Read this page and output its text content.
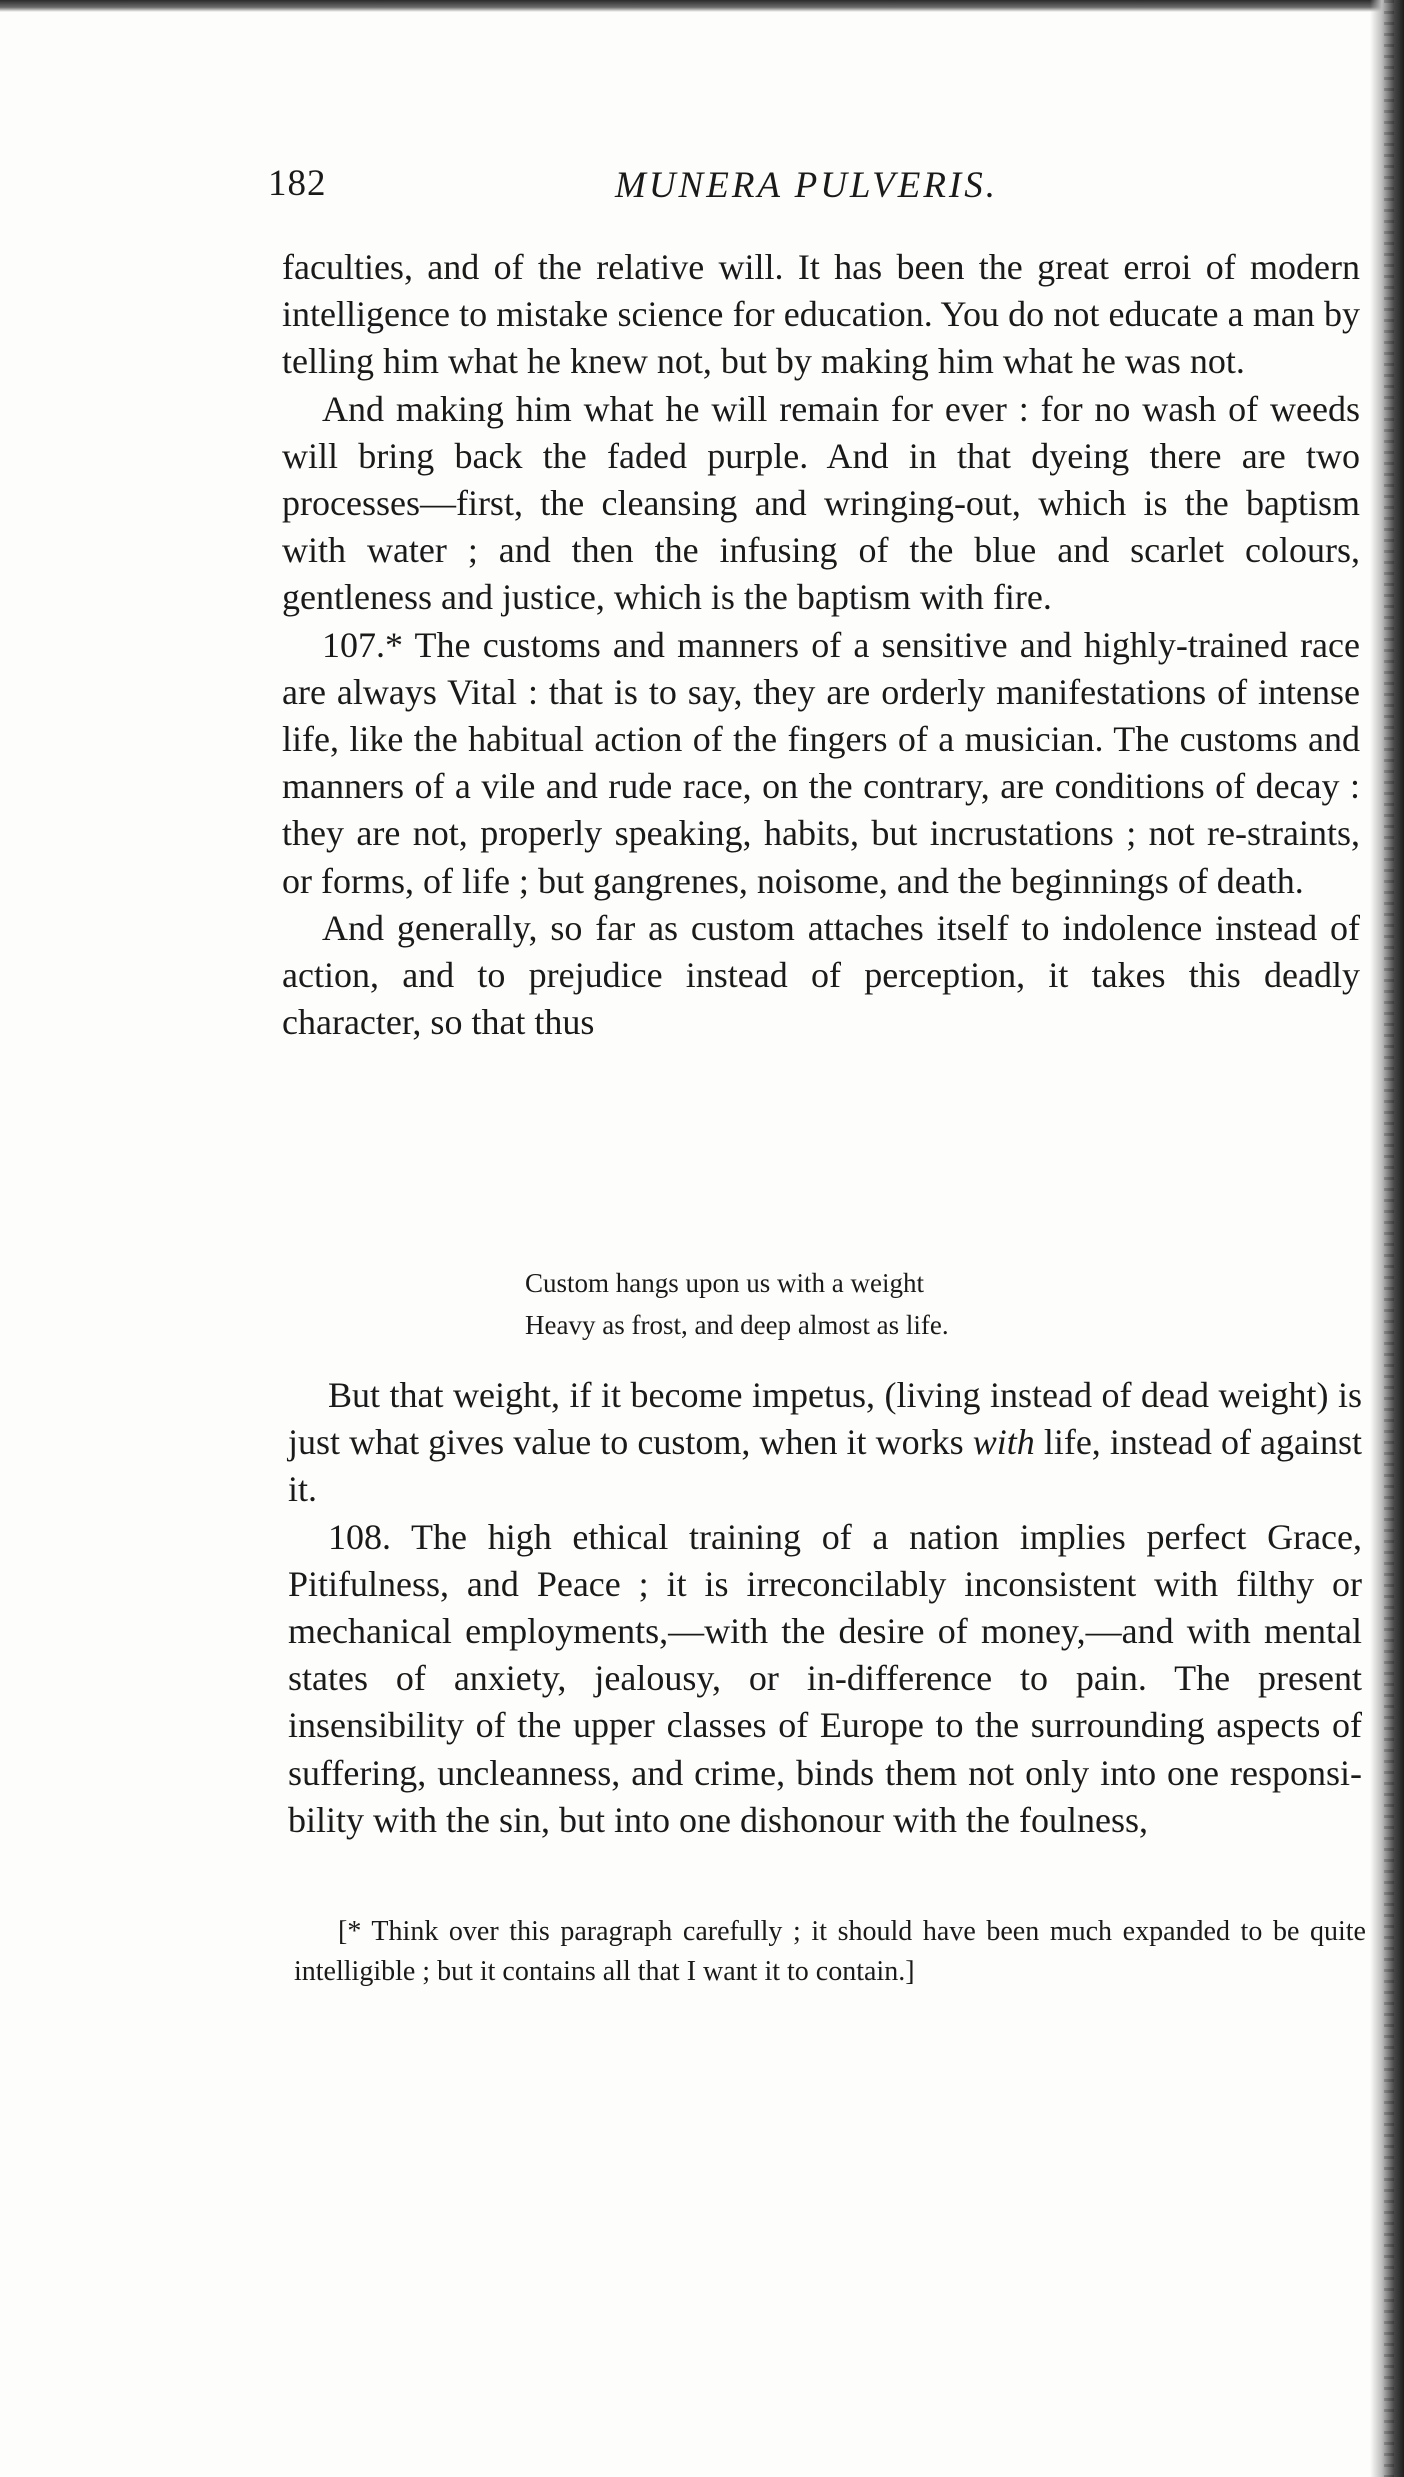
182	MUNERA PULVERIS.

faculties, and of the relative will. It has been the great erroi of modern intelligence to mistake science for education. You do not educate a man by telling him what he knew not, but by making him what he was not.

And making him what he will remain for ever : for no wash of weeds will bring back the faded purple. And in that dyeing there are two processes—first, the cleansing and wringing-out, which is the baptism with water ; and then the infusing of the blue and scarlet colours, gentleness and justice, which is the baptism with fire.

107.* The customs and manners of a sensitive and highly-trained race are always Vital : that is to say, they are orderly manifestations of intense life, like the habitual action of the fingers of a musician. The customs and manners of a vile and rude race, on the contrary, are conditions of decay : they are not, properly speaking, habits, but incrustations ; not re-straints, or forms, of life ; but gangrenes, noisome, and the beginnings of death.

And generally, so far as custom attaches itself to indolence instead of action, and to prejudice instead of perception, it takes this deadly character, so that thus

Custom hangs upon us with a weight
Heavy as frost, and deep almost as life.

But that weight, if it become impetus, (living instead of dead weight) is just what gives value to custom, when it works with life, instead of against it.

108. The high ethical training of a nation implies perfect Grace, Pitifulness, and Peace ; it is irreconcilably inconsistent with filthy or mechanical employments,—with the desire of money,—and with mental states of anxiety, jealousy, or in-difference to pain. The present insensibility of the upper classes of Europe to the surrounding aspects of suffering, uncleanness, and crime, binds them not only into one responsi-bility with the sin, but into one dishonour with the foulness,

[* Think over this paragraph carefully ; it should have been much expanded to be quite intelligible ; but it contains all that I want it to contain.]
